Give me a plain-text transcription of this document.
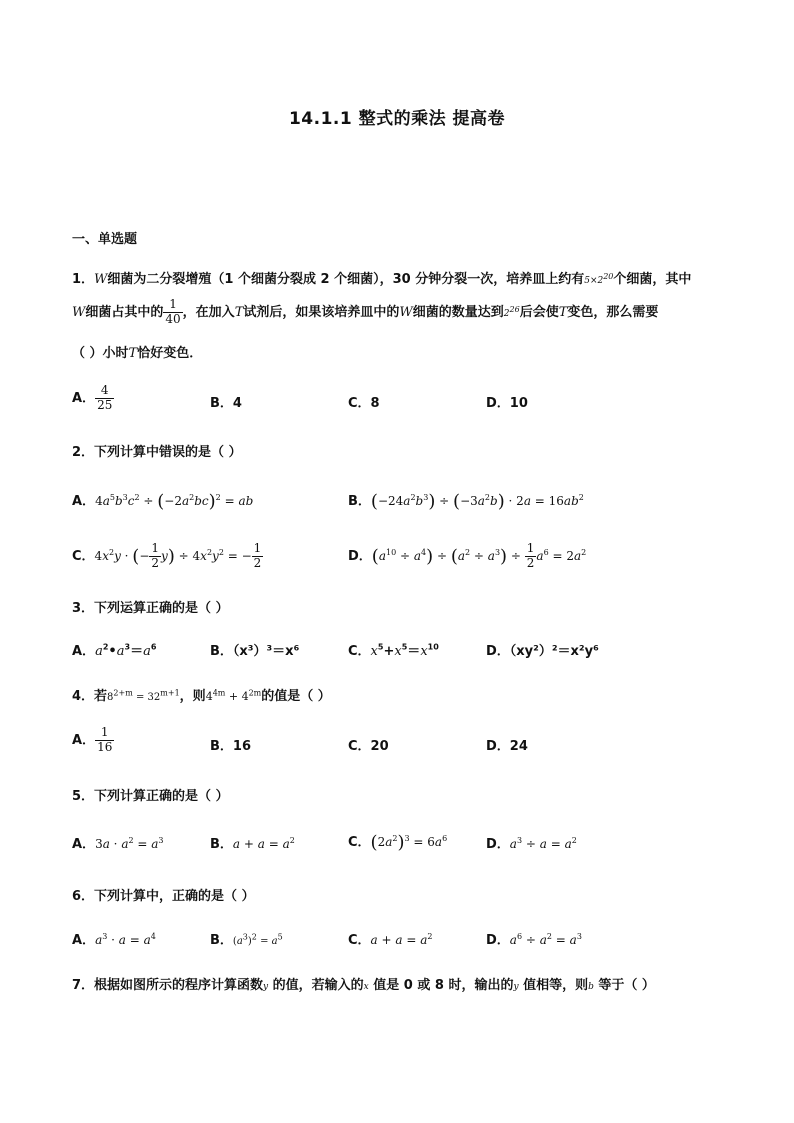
14.1.1 整式的乘法 提高卷
一、单选题
1．W细菌为二分裂增殖（1 个细菌分裂成 2 个细菌），30 分钟分裂一次，培养皿上约有$5\times 2^{20}$个细菌，其中
W细菌占其中的 $\frac{1}{40}$ ，在加入T试剂后，如果该培养皿中的W细菌的数量达到$2^{26}$后会使T变色，那么需要
（ ）小时T恰好变色．
A． $\frac{4}{25}$	B．4	C．8	D．10
2．下列计算中错误的是（ ）
A．$4a^5b^3c^2 \div (-2a^2bc)^2$ = ab	B．$(-24a^2b^3) \div (-3a^2b) \cdot 2a = 16ab^2$
C．$4x^2y$ · (− $\frac{1}{2} y) \div 4x^2y^2$ = − $\frac{1}{2}$	D．$(a^{10} \div a^4) \div (a^2 \div a^3) \div \frac{1}{2} a^6 = 2a^2$
3．下列运算正确的是（ ）
A．$a^2•a^3=a^6$	B．（x³）³＝x⁶	C．$x^5+x^5=x^{10}$	D．（xy²）²＝x²y⁶
4．若$8^{2+m} = 32^{m+1}$，则$4^{4m} + 4^{2m}$的值是（ ）
A． $\frac{1}{16}$	B．16	C．20	D．24
5．下列计算正确的是（ ）
A．$3a \cdot a^2 = a^3$	B．$a + a = a^2$	C．$(2a^2)^3 = 6a^6$	D．$a^3 \div a = a^2$
6．下列计算中，正确的是（ ）
A．$a^3 \cdot a = a^4$	B．$(a^3)^2 = a^5$	C．$a + a = a^2$	D．$a^6 \div a^2 = a^3$
7．根据如图所示的程序计算函数y 的值，若输入的x 值是 0 或 8 时，输出的y 值相等，则b 等于（ ）
